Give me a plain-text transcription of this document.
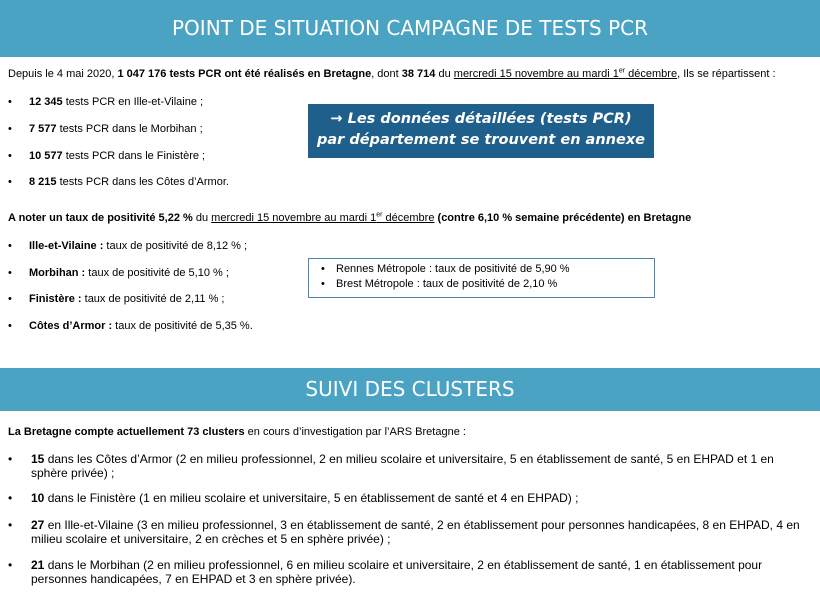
POINT DE SITUATION CAMPAGNE DE TESTS PCR
Depuis le 4 mai 2020, 1 047 176 tests PCR ont été réalisés en Bretagne, dont 38 714 du mercredi 15 novembre au mardi 1er décembre, Ils se répartissent :
• 12 345 tests PCR en Ille-et-Vilaine ;
• 7 577 tests PCR dans le Morbihan ;
• 10 577 tests PCR dans le Finistère ;
• 8 215 tests PCR dans les Côtes d’Armor.
→ Les données détaillées (tests PCR)
par département se trouvent en annexe
A noter un taux de positivité 5,22 % du mercredi 15 novembre au mardi 1er décembre (contre 6,10 % semaine précédente) en Bretagne
• Ille-et-Vilaine : taux de positivité de 8,12 % ;
• Morbihan : taux de positivité de 5,10 % ;
• Finistère : taux de positivité de 2,11 % ;
• Côtes d’Armor : taux de positivité de 5,35 %.
• Rennes Métropole : taux de positivité de 5,90 %
• Brest Métropole : taux de positivité de 2,10 %
SUIVI DES CLUSTERS
La Bretagne compte actuellement 73 clusters en cours d’investigation par l’ARS Bretagne :
• 15 dans les Côtes d’Armor (2 en milieu professionnel, 2 en milieu scolaire et universitaire, 5 en établissement de santé, 5 en EHPAD et 1 en sphère privée) ;
• 10 dans le Finistère (1 en milieu scolaire et universitaire, 5 en établissement de santé et 4 en EHPAD) ;
• 27 en Ille-et-Vilaine (3 en milieu professionnel, 3 en établissement de santé, 2 en établissement pour personnes handicapées, 8 en EHPAD, 4 en milieu scolaire et universitaire, 2 en crèches et 5 en sphère privée) ;
• 21 dans le Morbihan (2 en milieu professionnel, 6 en milieu scolaire et universitaire, 2 en établissement de santé, 1 en établissement pour personnes handicapées, 7 en EHPAD et 3 en sphère privée).
